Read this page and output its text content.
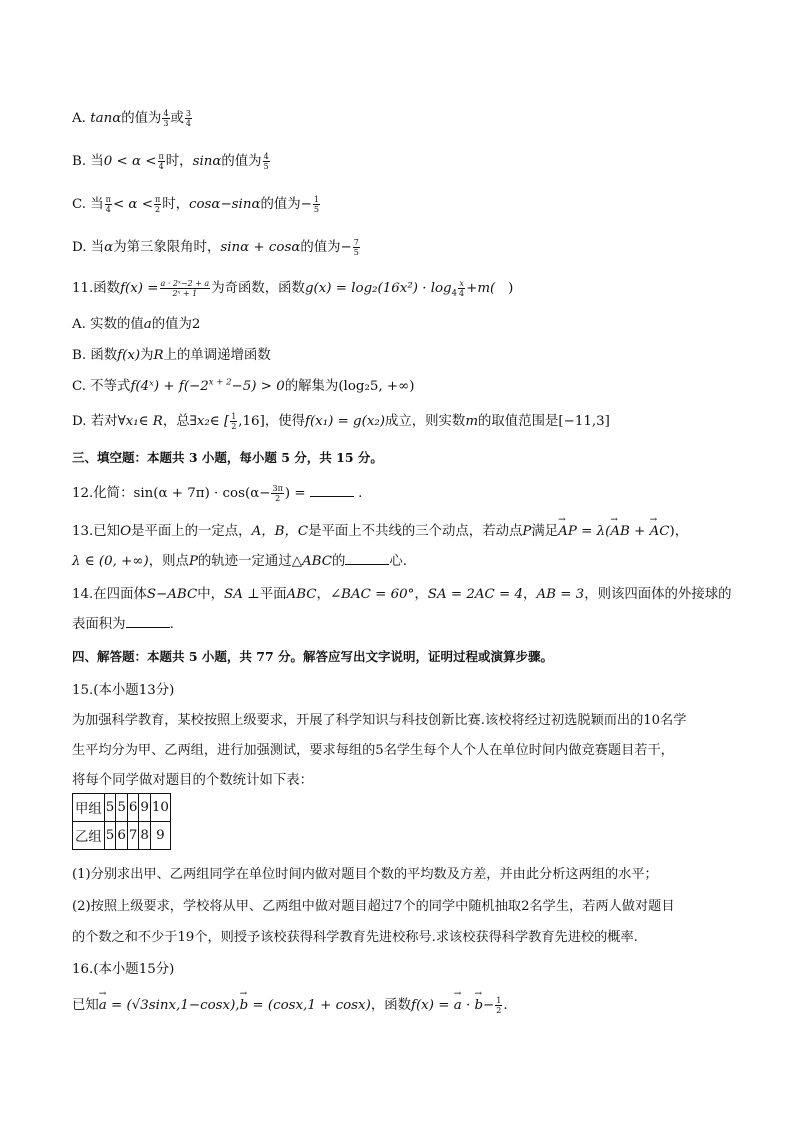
A. tanα的值为 $\frac{4}{3}$ 或 $\frac{3}{4}$
B. 当$0 < \alpha < \frac{\pi}{4}$ 时，sinα的值为 $\frac{4}{5}$
C. 当 $\frac{\pi}{4} < \alpha < \frac{\pi}{2}$ 时，cosα−sinα的值为− $\frac{1}{5}$
D. 当α为第三象限角时，sinα + cosα的值为− $\frac{7}{5}$
11.函数$f(x) = \frac{\text{a · 2ˣ−2 + a}}{\text{2ˣ + 1}}$ 为奇函数，函数$g(x) = \log_2(16x^2) \cdot \log_4 \frac{x}{4} +m$( )
A. 实数的值a的值为2
B. 函数f(x)为R上的单调递增函数
C. 不等式f(4ˣ) + $f(-2^{x + 2}-5) > 0$的解集为(log₂5, +∞)
D. 若对∀x₁∈ R，总∃x₂∈ [ $\frac{1}{2} ,16$]，使得f(x₁) = g(x₂)成立，则实数m的取值范围是[−11,3]
三、填空题：本题共 3 小题，每小题 5 分，共 15 分。
12.化简：$\sin(\alpha + 7\pi) \cdot \cos(\alpha- \frac{3\pi}{2}$ ) =	.
13.已知O是平面上的一定点，A，B，C是平面上不共线的三个动点，若动点P满足→ AP = λ(→ AB + → AC)，
λ ∈ (0, +∞)，则点P的轨迹一定通过△ABC的	心.
14.在四面体S−ABC中，SA ⊥平面ABC，∠BAC = 60°，SA = 2AC = 4，AB = 3，则该四面体的外接球的
表面积为	.
四、解答题：本题共 5 小题，共 77 分。解答应写出文字说明，证明过程或演算步骤。
15.(本小题13分)
为加强科学教育，某校按照上级要求，开展了科学知识与科技创新比赛.该校将经过初选脱颖而出的10名学
生平均分为甲、乙两组，进行加强测试，要求每组的5名学生每个人个人在单位时间内做竞赛题目若干，
将每个同学做对题目的个数统计如下表：
甲组	5	5	6	9	10
乙组	5	6	7	8	9
(1)分别求出甲、乙两组同学在单位时间内做对题目个数的平均数及方差，并由此分析这两组的水平；
(2)按照上级要求，学校将从甲、乙两组中做对题目超过7个的同学中随机抽取2名学生，若两人做对题目
的个数之和不少于19个，则授予该校获得科学教育先进校称号.求该校获得科学教育先进校的概率.
16.(本小题15分)
已知→ a = (√3sinx,1−cosx),→ b = (cosx,1 + cosx)，函数f(x) = → a · → $b- \frac{1}{2}$ .
